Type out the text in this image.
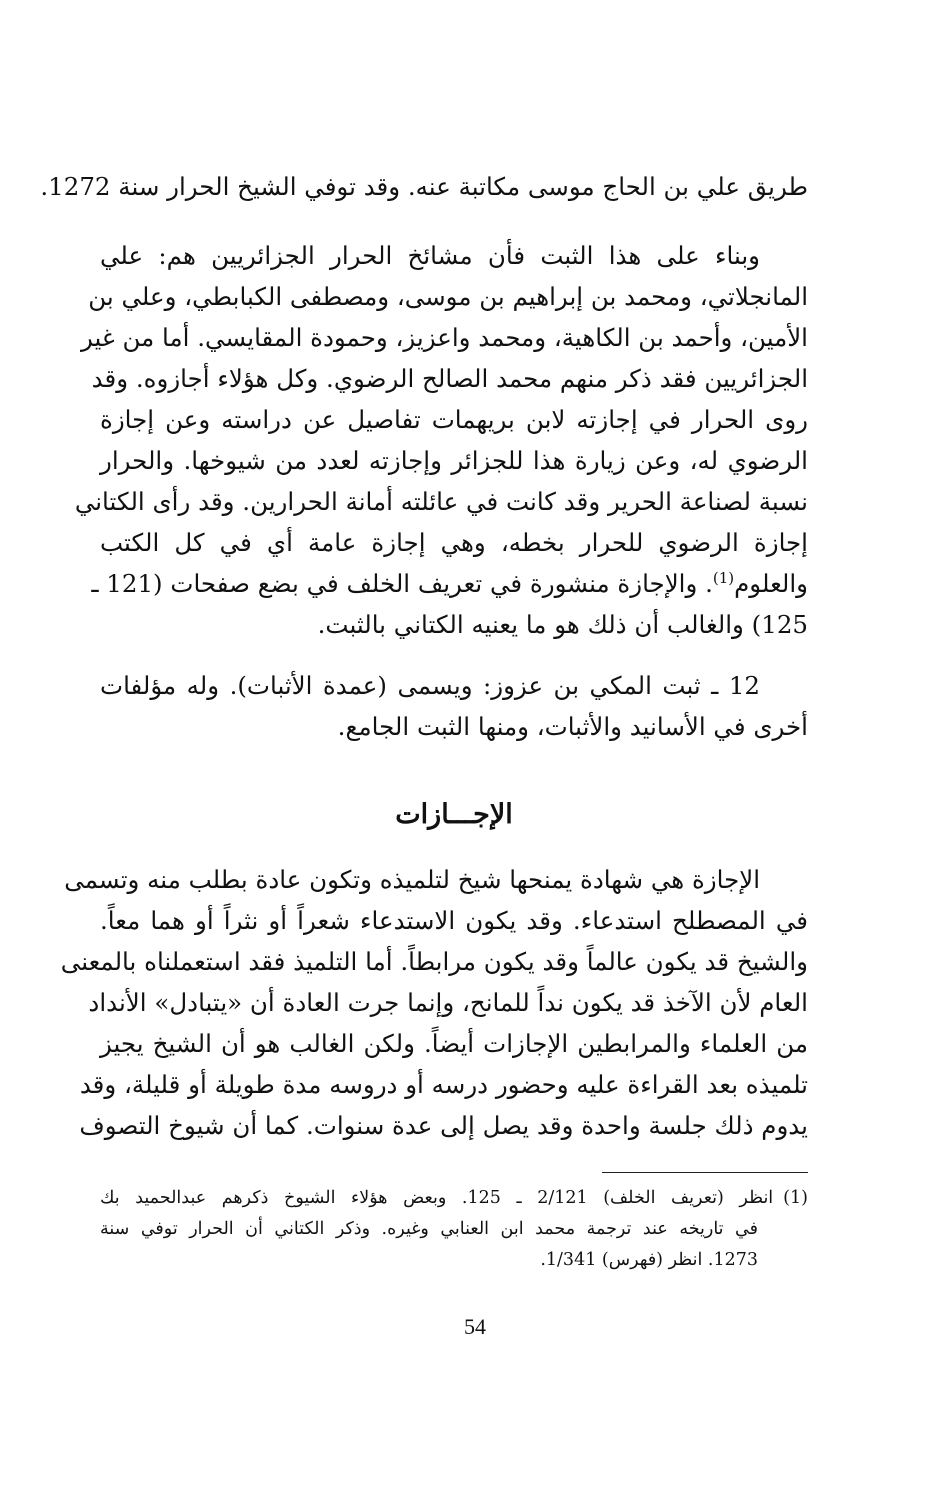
طريق علي بن الحاج موسى مكاتبة عنه. وقد توفي الشيخ الحرار سنة 1272.
وبناء على هذا الثبت فأن مشائخ الحرار الجزائريين هم: علي
المانجلاتي، ومحمد بن إبراهيم بن موسى، ومصطفى الكبابطي، وعلي بن
الأمين، وأحمد بن الكاهية، ومحمد واعزيز، وحمودة المقايسي. أما من غير
الجزائريين فقد ذكر منهم محمد الصالح الرضوي. وكل هؤلاء أجازوه. وقد
روى الحرار في إجازته لابن بريهمات تفاصيل عن دراسته وعن إجازة
الرضوي له، وعن زيارة هذا للجزائر وإجازته لعدد من شيوخها. والحرار
نسبة لصناعة الحرير وقد كانت في عائلته أمانة الحرارين. وقد رأى الكتاني
إجازة الرضوي للحرار بخطه، وهي إجازة عامة أي في كل الكتب
والعلوم$^{(1)}$. والإجازة منشورة في تعريف الخلف في بضع صفحات (121 ـ
125) والغالب أن ذلك هو ما يعنيه الكتاني بالثبت.
12 ـ ثبت المكي بن عزوز: ويسمى (عمدة الأثبات). وله مؤلفات
أخرى في الأسانيد والأثبات، ومنها الثبت الجامع.
الإجـــازات
الإجازة هي شهادة يمنحها شيخ لتلميذه وتكون عادة بطلب منه وتسمى
في المصطلح استدعاء. وقد يكون الاستدعاء شعراً أو نثراً أو هما معاً.
والشيخ قد يكون عالماً وقد يكون مرابطاً. أما التلميذ فقد استعملناه بالمعنى
العام لأن الآخذ قد يكون نداً للمانح، وإنما جرت العادة أن «يتبادل» الأنداد
من العلماء والمرابطين الإجازات أيضاً. ولكن الغالب هو أن الشيخ يجيز
تلميذه بعد القراءة عليه وحضور درسه أو دروسه مدة طويلة أو قليلة، وقد
يدوم ذلك جلسة واحدة وقد يصل إلى عدة سنوات. كما أن شيوخ التصوف
(1)انظر (تعريف الخلف) 2/121 ـ 125. وبعض هؤلاء الشيوخ ذكرهم عبدالحميد بك
في تاريخه عند ترجمة محمد ابن العنابي وغيره. وذكر الكتاني أن الحرار توفي سنة
1273. انظر (فهرس) 1/341.
54
